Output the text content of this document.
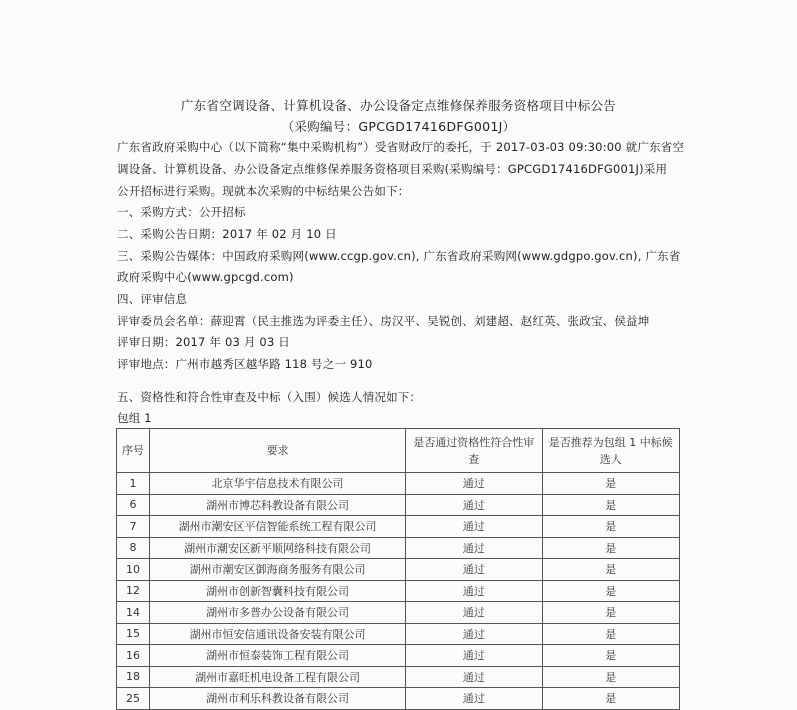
广东省空调设备、计算机设备、办公设备定点维修保养服务资格项目中标公告
（采购编号：GPCGD17416DFG001J）
广东省政府采购中心（以下简称“集中采购机构”）受省财政厅的委托，于 2017-03-03 09:30:00 就广东省空
调设备、计算机设备、办公设备定点维修保养服务资格项目采购(采购编号：GPCGD17416DFG001J)采用
公开招标进行采购。现就本次采购的中标结果公告如下：
一、采购方式：公开招标
二、采购公告日期：2017 年 02 月 10 日
三、采购公告媒体：中国政府采购网(www.ccgp.gov.cn), 广东省政府采购网(www.gdgpo.gov.cn), 广东省
政府采购中心(www.gpcgd.com)
四、评审信息
评审委员会名单：薛迎霄（民主推选为评委主任）、房汉平、吴锐创、刘建超、赵红英、张政宝、侯益坤
评审日期：2017 年 03 月 03 日
评审地点：广州市越秀区越华路 118 号之一 910
五、资格性和符合性审查及中标（入围）候选人情况如下：
包组 1
序号	要求	是否通过资格性符合性审查	是否推荐为包组 1 中标候选人
1	北京华宇信息技术有限公司	通过	是
6	湖州市博芯科教设备有限公司	通过	是
7	湖州市潮安区平信智能系统工程有限公司	通过	是
8	湖州市潮安区新平顺网络科技有限公司	通过	是
10	湖州市潮安区御海商务服务有限公司	通过	是
12	湖州市创新智囊科技有限公司	通过	是
14	湖州市多普办公设备有限公司	通过	是
15	湖州市恒安信通讯设备安装有限公司	通过	是
16	湖州市恒泰装饰工程有限公司	通过	是
18	湖州市嘉旺机电设备工程有限公司	通过	是
25	湖州市利乐科教设备有限公司	通过	是
